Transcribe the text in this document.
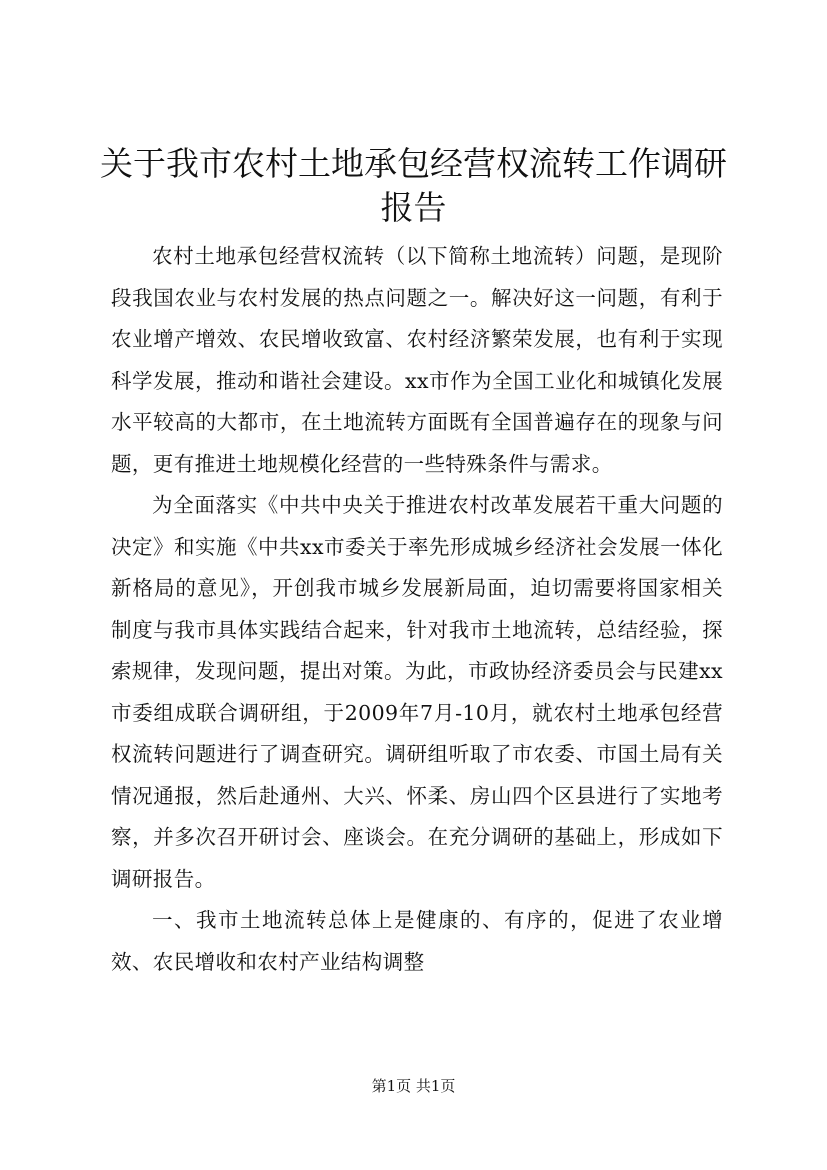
关于我市农村土地承包经营权流转工作调研报告

农村土地承包经营权流转（以下简称土地流转）问题，是现阶段我国农业与农村发展的热点问题之一。解决好这一问题，有利于农业增产增效、农民增收致富、农村经济繁荣发展，也有利于实现科学发展，推动和谐社会建设。xx市作为全国工业化和城镇化发展水平较高的大都市，在土地流转方面既有全国普遍存在的现象与问题，更有推进土地规模化经营的一些特殊条件与需求。

为全面落实《中共中央关于推进农村改革发展若干重大问题的决定》和实施《中共xx市委关于率先形成城乡经济社会发展一体化新格局的意见》，开创我市城乡发展新局面，迫切需要将国家相关制度与我市具体实践结合起来，针对我市土地流转，总结经验，探索规律，发现问题，提出对策。为此，市政协经济委员会与民建xx市委组成联合调研组，于2009年7月-10月，就农村土地承包经营权流转问题进行了调查研究。调研组听取了市农委、市国土局有关情况通报，然后赴通州、大兴、怀柔、房山四个区县进行了实地考察，并多次召开研讨会、座谈会。在充分调研的基础上，形成如下调研报告。

一、我市土地流转总体上是健康的、有序的，促进了农业增效、农民增收和农村产业结构调整

第1页 共1页
